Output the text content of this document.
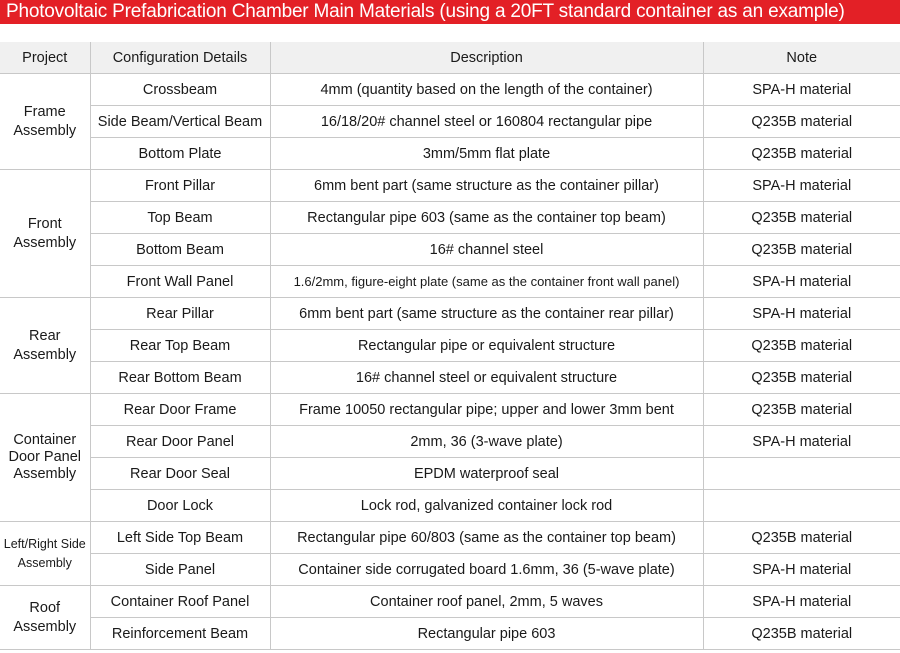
Photovoltaic Prefabrication Chamber Main Materials (using a 20FT standard container as an example)
Project	Configuration Details	Description	Note
Frame Assembly	Crossbeam	4mm (quantity based on the length of the container)	SPA-H material
	Side Beam/Vertical Beam	16/18/20# channel steel or 160804 rectangular pipe	Q235B material
	Bottom Plate	3mm/5mm flat plate	Q235B material
Front Assembly	Front Pillar	6mm bent part (same structure as the container pillar)	SPA-H material
	Top Beam	Rectangular pipe 603 (same as the container top beam)	Q235B material
	Bottom Beam	16# channel steel	Q235B material
	Front Wall Panel	1.6/2mm, figure-eight plate (same as the container front wall panel)	SPA-H material
Rear Assembly	Rear Pillar	6mm bent part (same structure as the container rear pillar)	SPA-H material
	Rear Top Beam	Rectangular pipe or equivalent structure	Q235B material
	Rear Bottom Beam	16# channel steel or equivalent structure	Q235B material
Container Door Panel Assembly	Rear Door Frame	Frame 10050 rectangular pipe; upper and lower 3mm bent	Q235B material
	Rear Door Panel	2mm, 36 (3-wave plate)	SPA-H material
	Rear Door Seal	EPDM waterproof seal	
	Door Lock	Lock rod, galvanized container lock rod	
Left/Right Side Assembly	Left Side Top Beam	Rectangular pipe 60/803 (same as the container top beam)	Q235B material
	Side Panel	Container side corrugated board 1.6mm, 36 (5-wave plate)	SPA-H material
Roof Assembly	Container Roof Panel	Container roof panel, 2mm, 5 waves	SPA-H material
	Reinforcement Beam	Rectangular pipe 603	Q235B material
